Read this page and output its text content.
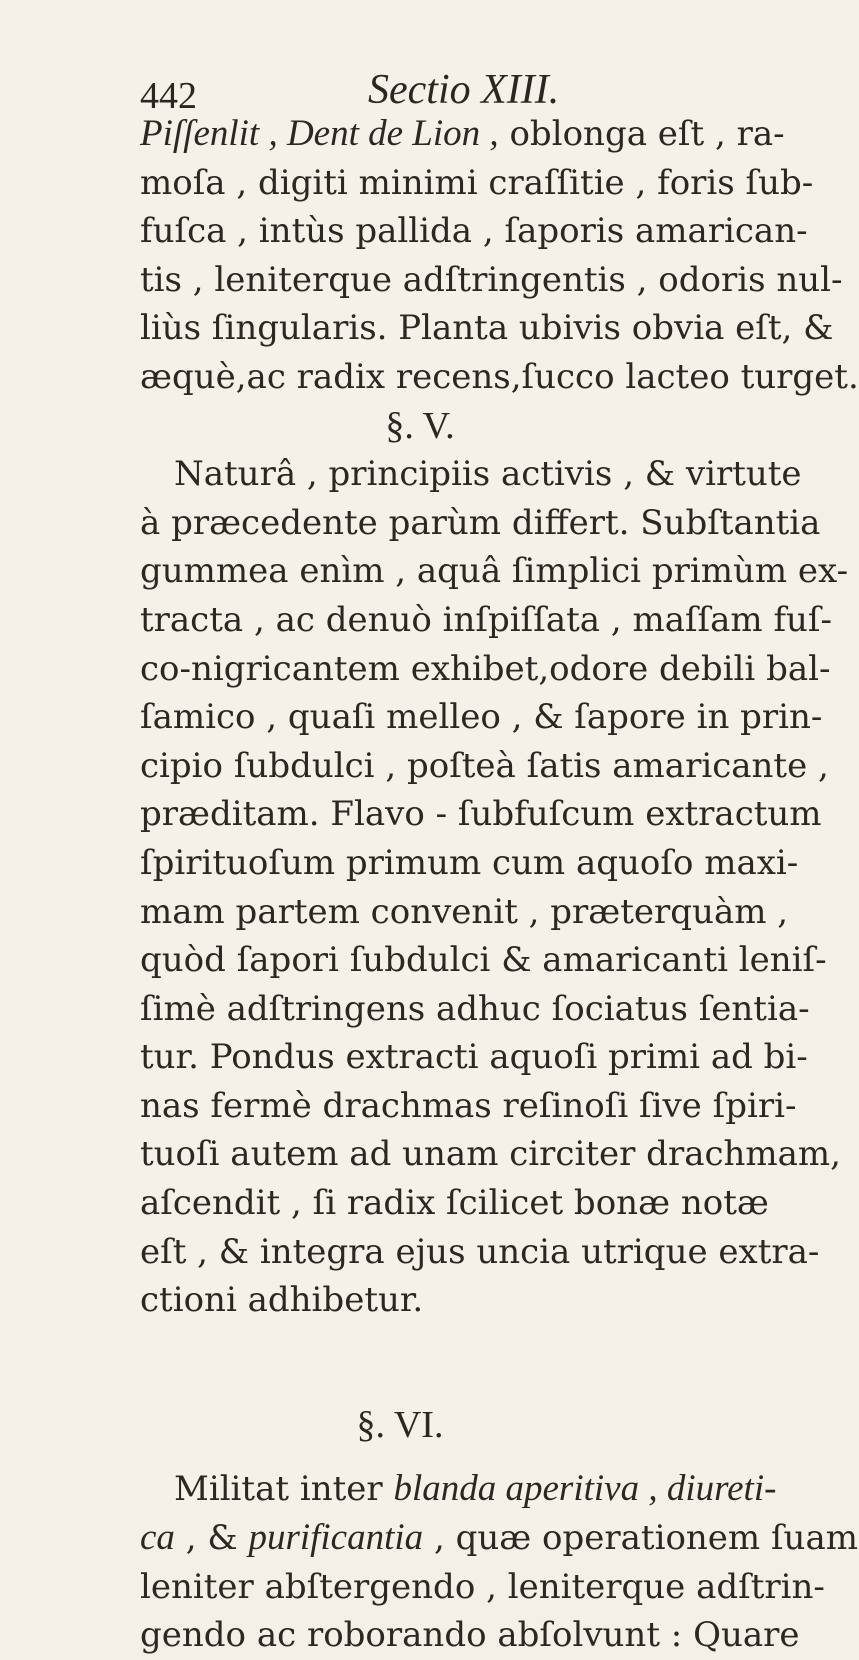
442	Sectio XIII.
Piſſenlit , Dent de Lion , oblonga eſt , ra-
moſa , digiti minimi craſſitie , foris ſub-
fuſca , intùs pallida , ſaporis amarican-
tis , leniterque adſtringentis , odoris nul-
liùs ſingularis. Planta ubivis obvia eſt, &
æquè,ac radix recens,ſucco lacteo turget.
§. V.
Naturâ , principiis activis , & virtute
à præcedente parùm differt. Subſtantia
gummea enìm , aquâ ſimplici primùm ex-
tracta , ac denuò inſpiſſata , maſſam fuſ-
co-nigricantem exhibet,odore debili bal-
ſamico , quaſi melleo , & ſapore in prin-
cipio ſubdulci , poſteà ſatis amaricante ,
præditam. Flavo - ſubfuſcum extractum
ſpirituoſum primum cum aquoſo maxi-
mam partem convenit , præterquàm ,
quòd ſapori ſubdulci & amaricanti leniſ-
ſimè adſtringens adhuc ſociatus ſentia-
tur. Pondus extracti aquoſi primi ad bi-
nas fermè drachmas reſinoſi ſive ſpiri-
tuoſi autem ad unam circiter drachmam,
aſcendit , ſi radix ſcilicet bonæ notæ
eſt , & integra ejus uncia utrique extra-
ctioni adhibetur.
§. VI.
Militat inter blanda aperitiva , diureti-
ca , & purificantia , quæ operationem ſuam
leniter abſtergendo , leniterque adſtrin-
gendo ac roborando abſolvunt : Quare
